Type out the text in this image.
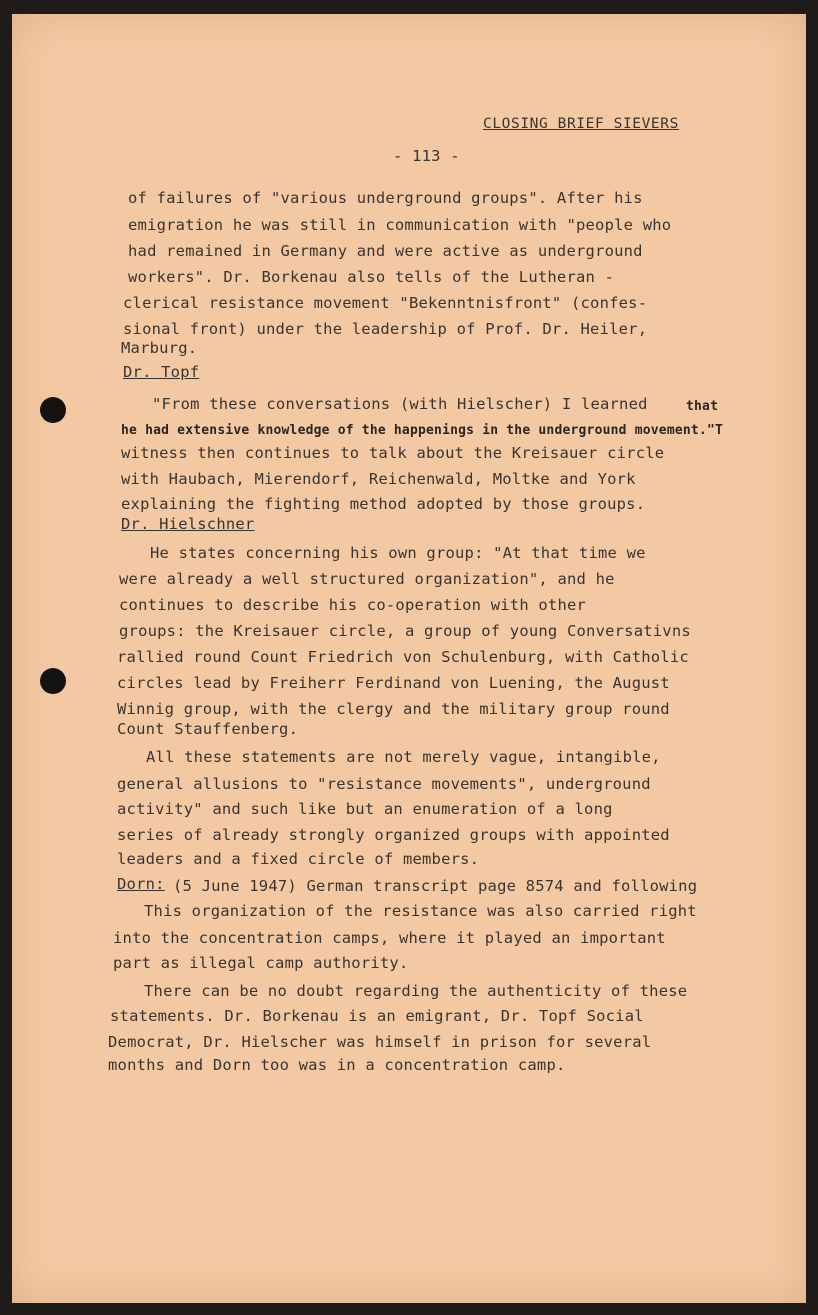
CLOSING BRIEF SIEVERS
- 113 -
of failures of "various underground groups". After his
emigration he was still in communication with "people who
had remained in Germany and were active as underground
workers". Dr. Borkenau also tells of the Lutheran -
clerical resistance movement "Bekenntnisfront" (confes-
sional front) under the leadership of Prof. Dr. Heiler,
Marburg.
Dr. Topf
"From these conversations (with Hielscher) I learned	that
he had extensive knowledge of the happenings in the underground movement."T
witness then continues to talk about the Kreisauer circle
with Haubach, Mierendorf, Reichenwald, Moltke and York
explaining the fighting method adopted by those groups.
Dr. Hielschner
He states concerning his own group: "At that time we
were already a well structured organization", and he
continues to describe his co-operation with other
groups: the Kreisauer circle, a group of young Conversativns
rallied round Count Friedrich von Schulenburg, with Catholic
circles lead by Freiherr Ferdinand von Luening, the August
Winnig group, with the clergy and the military group round
Count Stauffenberg.
All these statements are not merely vague, intangible,
general allusions to "resistance movements", underground
activity" and such like but an enumeration of a long
series of already strongly organized groups with appointed
leaders and a fixed circle of members.
Dorn: (5 June 1947) German transcript page 8574 and following
This organization of the resistance was also carried right
into the concentration camps, where it played an important
part as illegal camp authority.
There can be no doubt regarding the authenticity of these
statements. Dr. Borkenau is an emigrant, Dr. Topf Social
Democrat, Dr. Hielscher was himself in prison for several
months and Dorn too was in a concentration camp.
